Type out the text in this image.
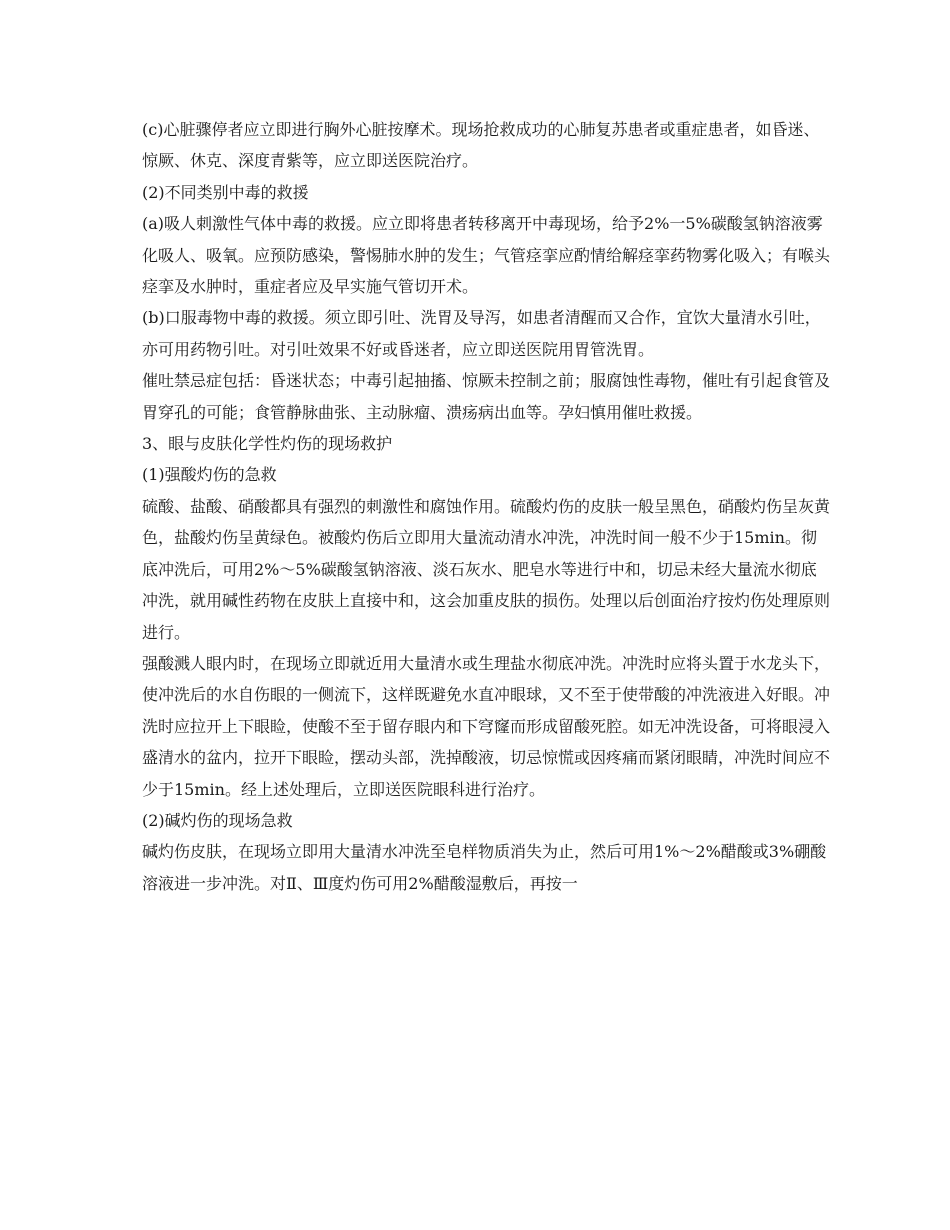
(c)心脏骤停者应立即进行胸外心脏按摩术。现场抢救成功的心肺复苏患者或重症患者，如昏迷、惊厥、休克、深度青紫等，应立即送医院治疗。

(2)不同类别中毒的救援

(a)吸人刺激性气体中毒的救援。应立即将患者转移离开中毒现场，给予2%一5%碳酸氢钠溶液雾化吸人、吸氧。应预防感染，警惕肺水肿的发生；气管痉挛应酌情给解痉挛药物雾化吸入；有喉头痉挛及水肿时，重症者应及早实施气管切开术。

(b)口服毒物中毒的救援。须立即引吐、洗胃及导泻，如患者清醒而又合作，宜饮大量清水引吐，亦可用药物引吐。对引吐效果不好或昏迷者，应立即送医院用胃管洗胃。

催吐禁忌症包括：昏迷状态；中毒引起抽搐、惊厥未控制之前；服腐蚀性毒物，催吐有引起食管及胃穿孔的可能；食管静脉曲张、主动脉瘤、溃疡病出血等。孕妇慎用催吐救援。

3、眼与皮肤化学性灼伤的现场救护

(1)强酸灼伤的急救

硫酸、盐酸、硝酸都具有强烈的刺激性和腐蚀作用。硫酸灼伤的皮肤一般呈黑色，硝酸灼伤呈灰黄色，盐酸灼伤呈黄绿色。被酸灼伤后立即用大量流动清水冲洗，冲洗时间一般不少于15min。彻底冲洗后，可用2%～5%碳酸氢钠溶液、淡石灰水、肥皂水等进行中和，切忌未经大量流水彻底冲洗，就用碱性药物在皮肤上直接中和，这会加重皮肤的损伤。处理以后创面治疗按灼伤处理原则进行。

强酸溅人眼内时，在现场立即就近用大量清水或生理盐水彻底冲洗。冲洗时应将头置于水龙头下，使冲洗后的水自伤眼的一侧流下，这样既避免水直冲眼球，又不至于使带酸的冲洗液进入好眼。冲洗时应拉开上下眼睑，使酸不至于留存眼内和下穹窿而形成留酸死腔。如无冲洗设备，可将眼浸入盛清水的盆内，拉开下眼睑，摆动头部，洗掉酸液，切忌惊慌或因疼痛而紧闭眼睛，冲洗时间应不少于15min。经上述处理后，立即送医院眼科进行治疗。

(2)碱灼伤的现场急救

碱灼伤皮肤，在现场立即用大量清水冲洗至皂样物质消失为止，然后可用1%～2%醋酸或3%硼酸溶液进一步冲洗。对Ⅱ、Ⅲ度灼伤可用2%醋酸湿敷后，再按一
